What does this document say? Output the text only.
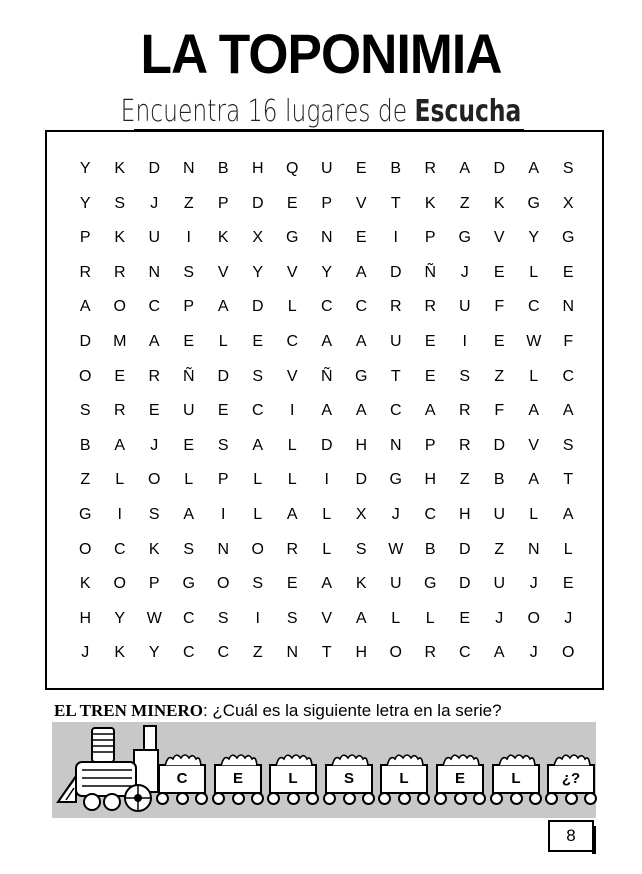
LA TOPONIMIA
Encuentra 16 lugares de Escucha
Y	K	D	N	B	H	Q	U	E	B	R	A	D	A	S
Y	S	J	Z	P	D	E	P	V	T	K	Z	K	G	X
P	K	U	I	K	X	G	N	E	I	P	G	V	Y	G
R	R	N	S	V	Y	V	Y	A	D	Ñ	J	E	L	E
A	O	C	P	A	D	L	C	C	R	R	U	F	C	N
D	M	A	E	L	E	C	A	A	U	E	I	E	W	F
O	E	R	Ñ	D	S	V	Ñ	G	T	E	S	Z	L	C
S	R	E	U	E	C	I	A	A	C	A	R	F	A	A
B	A	J	E	S	A	L	D	H	N	P	R	D	V	S
Z	L	O	L	P	L	L	I	D	G	H	Z	B	A	T
G	I	S	A	I	L	A	L	X	J	C	H	U	L	A
O	C	K	S	N	O	R	L	S	W	B	D	Z	N	L
K	O	P	G	O	S	E	A	K	U	G	D	U	J	E
H	Y	W	C	S	I	S	V	A	L	L	E	J	O	J
J	K	Y	C	C	Z	N	T	H	O	R	C	A	J	O
EL TREN MINERO: ¿Cuál es la siguiente letra en la serie?
C	E	L	S	L	E	L	¿?
8
